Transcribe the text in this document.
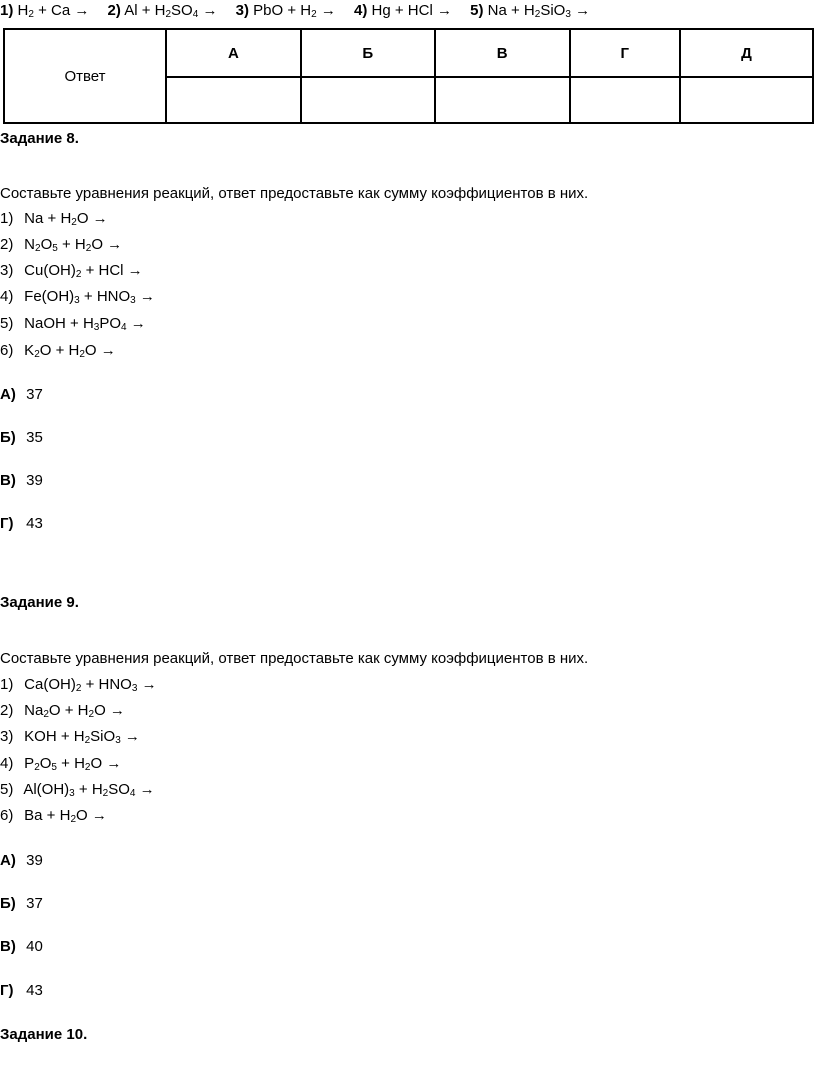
1) $H_2 + Ca \to 2$) $Al + H_2SO_4 \to 3$) PbO + $H_2 \to 4$) Hg + HCl → 5) $Na + H_2SiO_3$ →
Ответ	А	Б	В	Г	Д

Задание 8.
Составьте уравнения реакций, ответ предоставьте как сумму коэффициентов в них.
1) $Na + H_2O$ →
2) $N_2O_5 + H_2O$ →
3) $Cu(OH)_2$ + HCl →
4) $Fe(OH)_3 + HNO_3$ →
5) NaOH + $H_3PO_4$ →
6) $K_2O + H_2O$ →
А) 37
Б) 35
В) 39
Г) 43
Задание 9.
Составьте уравнения реакций, ответ предоставьте как сумму коэффициентов в них.
1) $Ca(OH)_2 + HNO_3$ →
2) $Na_2O + H_2O$ →
3) KOH + $H_2SiO_3$ →
4) $P_2O_5 + H_2O$ →
5) $Al(OH)_3 + H_2SO_4$ →
6) $Ba + H_2O$ →
А) 39
Б) 37
В) 40
Г) 43
Задание 10.
